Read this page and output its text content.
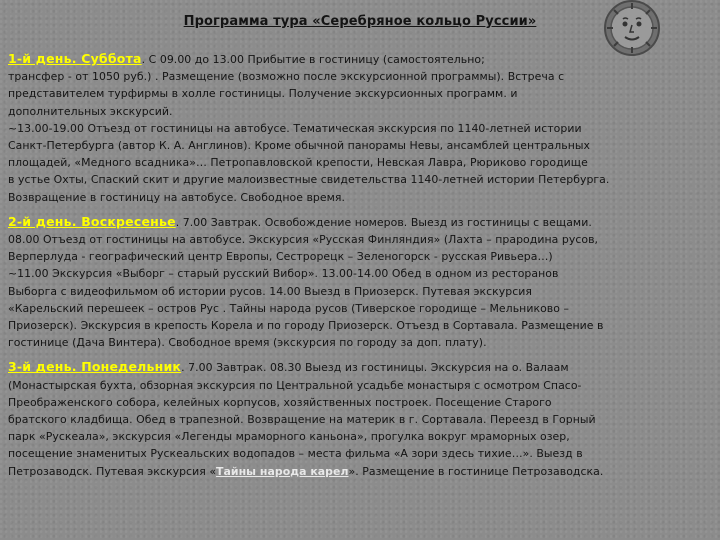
Программа тура «Серебряное кольцо Руссии»

1-й день. Суббота. С 09.00 до 13.00 Прибытие в гостиницу (самостоятельно;

трансфер - от 1050 руб.) . Размещение (возможно после экскурсионной программы). Встреча с

представителем турфирмы в холле гостиницы. Получение экскурсионных программ. и

дополнительных экскурсий.

~13.00-19.00 Отъезд от гостиницы на автобусе. Тематическая экскурсия по 1140-летней истории

Санкт-Петербурга (автор К. А. Англинов). Кроме обычной панорамы Невы, ансамблей центральных

площадей, «Медного всадника»… Петропавловской крепости, Невская Лавра, Рюриково городище

в устье Охты, Спаский скит и другие малоизвестные свидетельства 1140-летней истории Петербурга.

Возвращение в гостиницу на автобусе. Свободное время.

2-й день. Воскресенье. 7.00 Завтрак. Освобождение номеров. Выезд из гостиницы с вещами.

08.00 Отъезд от гостиницы на автобусе. Экскурсия «Русская Финляндия» (Лахта – прародина русов,

Верперлуда - географический центр Европы, Сестрорецк – Зеленогорск - русская Ривьера…)

~11.00 Экскурсия «Выборг – старый русский Вибор». 13.00-14.00 Обед в одном из ресторанов

Выборга с видеофильмом об истории русов. 14.00 Выезд в Приозерск. Путевая экскурсия

«Карельский перешеек – остров Рус . Тайны народа русов (Тиверское городище – Мельниково –

Приозерск). Экскурсия в крепость Корела и по городу Приозерск. Отъезд в Сортавала. Размещение в

гостинице (Дача Винтера). Свободное время (экскурсия по городу за доп. плату).

3-й день. Понедельник. 7.00 Завтрак. 08.30 Выезд из гостиницы. Экскурсия на о. Валаам

(Монастырская бухта, обзорная экскурсия по Центральной усадьбе монастыря с осмотром Спасо-

Преображенского собора, келейных корпусов, хозяйственных построек. Посещение Старого

братского кладбища. Обед в трапезной. Возвращение на материк в г. Сортавала. Переезд в Горный

парк «Рускеала», экскурсия «Легенды мраморного каньона», прогулка вокруг мраморных озер,

посещение знаменитых Рускеальских водопадов – места фильма «А зори здесь тихие…». Выезд в

Петрозаводск. Путевая экскурсия «Тайны народа карел». Размещение в гостинице Петрозаводска.
